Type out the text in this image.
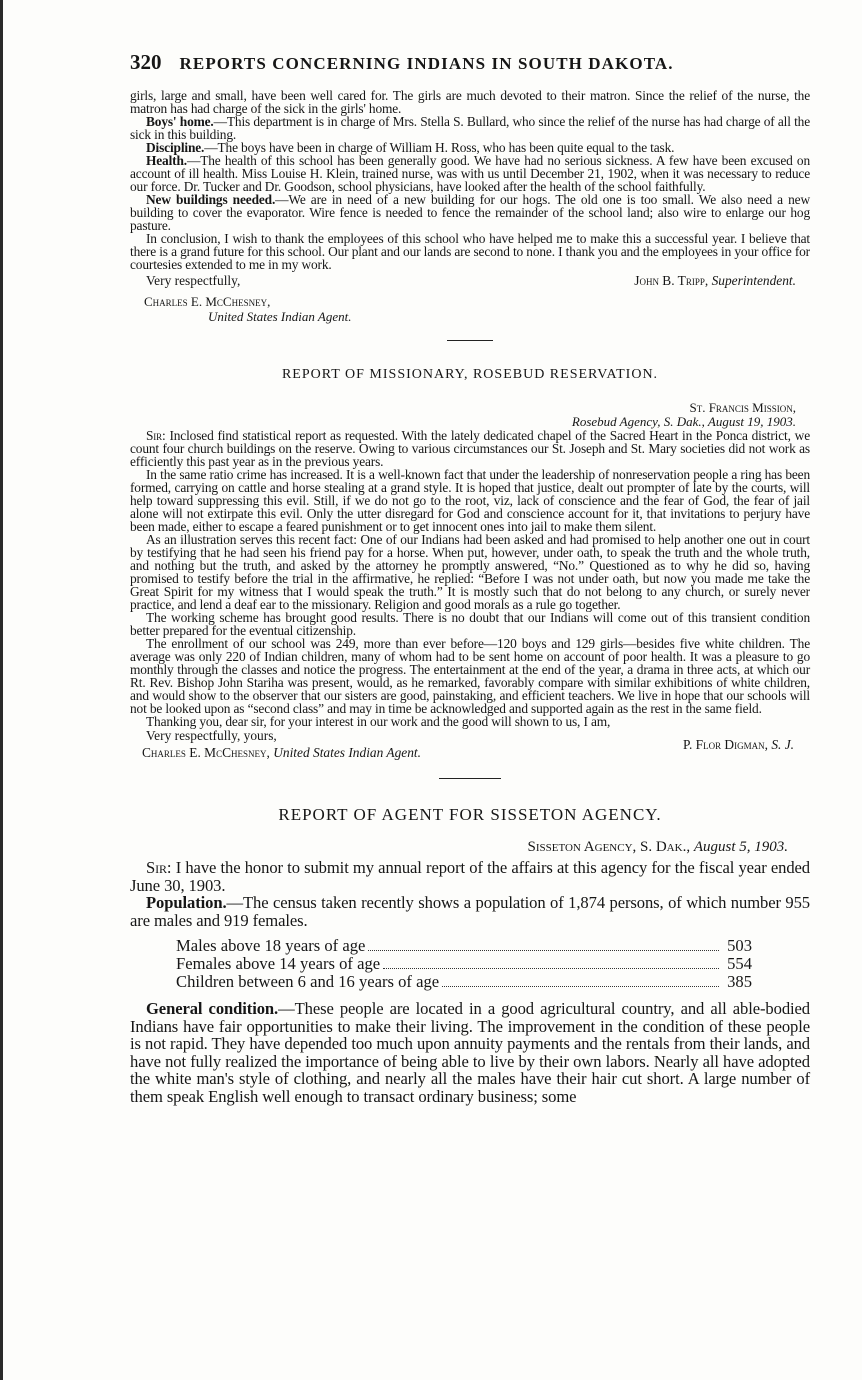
320 REPORTS CONCERNING INDIANS IN SOUTH DAKOTA.

girls, large and small, have been well cared for. The girls are much devoted to their matron. Since the relief of the nurse, the matron has had charge of the sick in the girls' home.

Boys' home.—This department is in charge of Mrs. Stella S. Bullard, who since the relief of the nurse has had charge of all the sick in this building.

Discipline.—The boys have been in charge of William H. Ross, who has been quite equal to the task.

Health.—The health of this school has been generally good. We have had no serious sickness. A few have been excused on account of ill health. Miss Louise H. Klein, trained nurse, was with us until December 21, 1902, when it was necessary to reduce our force. Dr. Tucker and Dr. Goodson, school physicians, have looked after the health of the school faithfully.

New buildings needed.—We are in need of a new building for our hogs. The old one is too small. We also need a new building to cover the evaporator. Wire fence is needed to fence the remainder of the school land; also wire to enlarge our hog pasture.

In conclusion, I wish to thank the employees of this school who have helped me to make this a successful year. I believe that there is a grand future for this school. Our plant and our lands are second to none. I thank you and the employees in your office for courtesies extended to me in my work.

Very respectfully,	John B. Tripp, Superintendent.
Charles E. McChesney,
United States Indian Agent.
REPORT OF MISSIONARY, ROSEBUD RESERVATION.
St. Francis Mission,
Rosebud Agency, S. Dak., August 19, 1903.

Sir: Inclosed find statistical report as requested. With the lately dedicated chapel of the Sacred Heart in the Ponca district, we count four church buildings on the reserve. Owing to various circumstances our St. Joseph and St. Mary societies did not work as efficiently this past year as in the previous years.

In the same ratio crime has increased. It is a well-known fact that under the leadership of nonreservation people a ring has been formed, carrying on cattle and horse stealing at a grand style. It is hoped that justice, dealt out prompter of late by the courts, will help toward suppressing this evil. Still, if we do not go to the root, viz, lack of conscience and the fear of God, the fear of jail alone will not extirpate this evil. Only the utter disregard for God and conscience account for it, that invitations to perjury have been made, either to escape a feared punishment or to get innocent ones into jail to make them silent.

As an illustration serves this recent fact: One of our Indians had been asked and had promised to help another one out in court by testifying that he had seen his friend pay for a horse. When put, however, under oath, to speak the truth and the whole truth, and nothing but the truth, and asked by the attorney he promptly answered, “No.” Questioned as to why he did so, having promised to testify before the trial in the affirmative, he replied: “Before I was not under oath, but now you made me take the Great Spirit for my witness that I would speak the truth.” It is mostly such that do not belong to any church, or surely never practice, and lend a deaf ear to the missionary. Religion and good morals as a rule go together.

The working scheme has brought good results. There is no doubt that our Indians will come out of this transient condition better prepared for the eventual citizenship.

The enrollment of our school was 249, more than ever before—120 boys and 129 girls—besides five white children. The average was only 220 of Indian children, many of whom had to be sent home on account of poor health. It was a pleasure to go monthly through the classes and notice the progress. The entertainment at the end of the year, a drama in three acts, at which our Rt. Rev. Bishop John Stariha was present, would, as he remarked, favorably compare with similar exhibitions of white children, and would show to the observer that our sisters are good, painstaking, and efficient teachers. We live in hope that our schools will not be looked upon as “second class” and may in time be acknowledged and supported again as the rest in the same field.

Thanking you, dear sir, for your interest in our work and the good will shown to us, I am,

Very respectfully, yours,
Charles E. McChesney, United States Indian Agent.
P. Flor Digman, S. J.
REPORT OF AGENT FOR SISSETON AGENCY.
Sisseton Agency, S. Dak., August 5, 1903.

Sir: I have the honor to submit my annual report of the affairs at this agency for the fiscal year ended June 30, 1903.

Population.—The census taken recently shows a population of 1,874 persons, of which number 955 are males and 919 females.

Males above 18 years of age	503
Females above 14 years of age	554
Children between 6 and 16 years of age	385

General condition.—These people are located in a good agricultural country, and all able-bodied Indians have fair opportunities to make their living. The improvement in the condition of these people is not rapid. They have depended too much upon annuity payments and the rentals from their lands, and have not fully realized the importance of being able to live by their own labors. Nearly all have adopted the white man's style of clothing, and nearly all the males have their hair cut short. A large number of them speak English well enough to transact ordinary business; some
